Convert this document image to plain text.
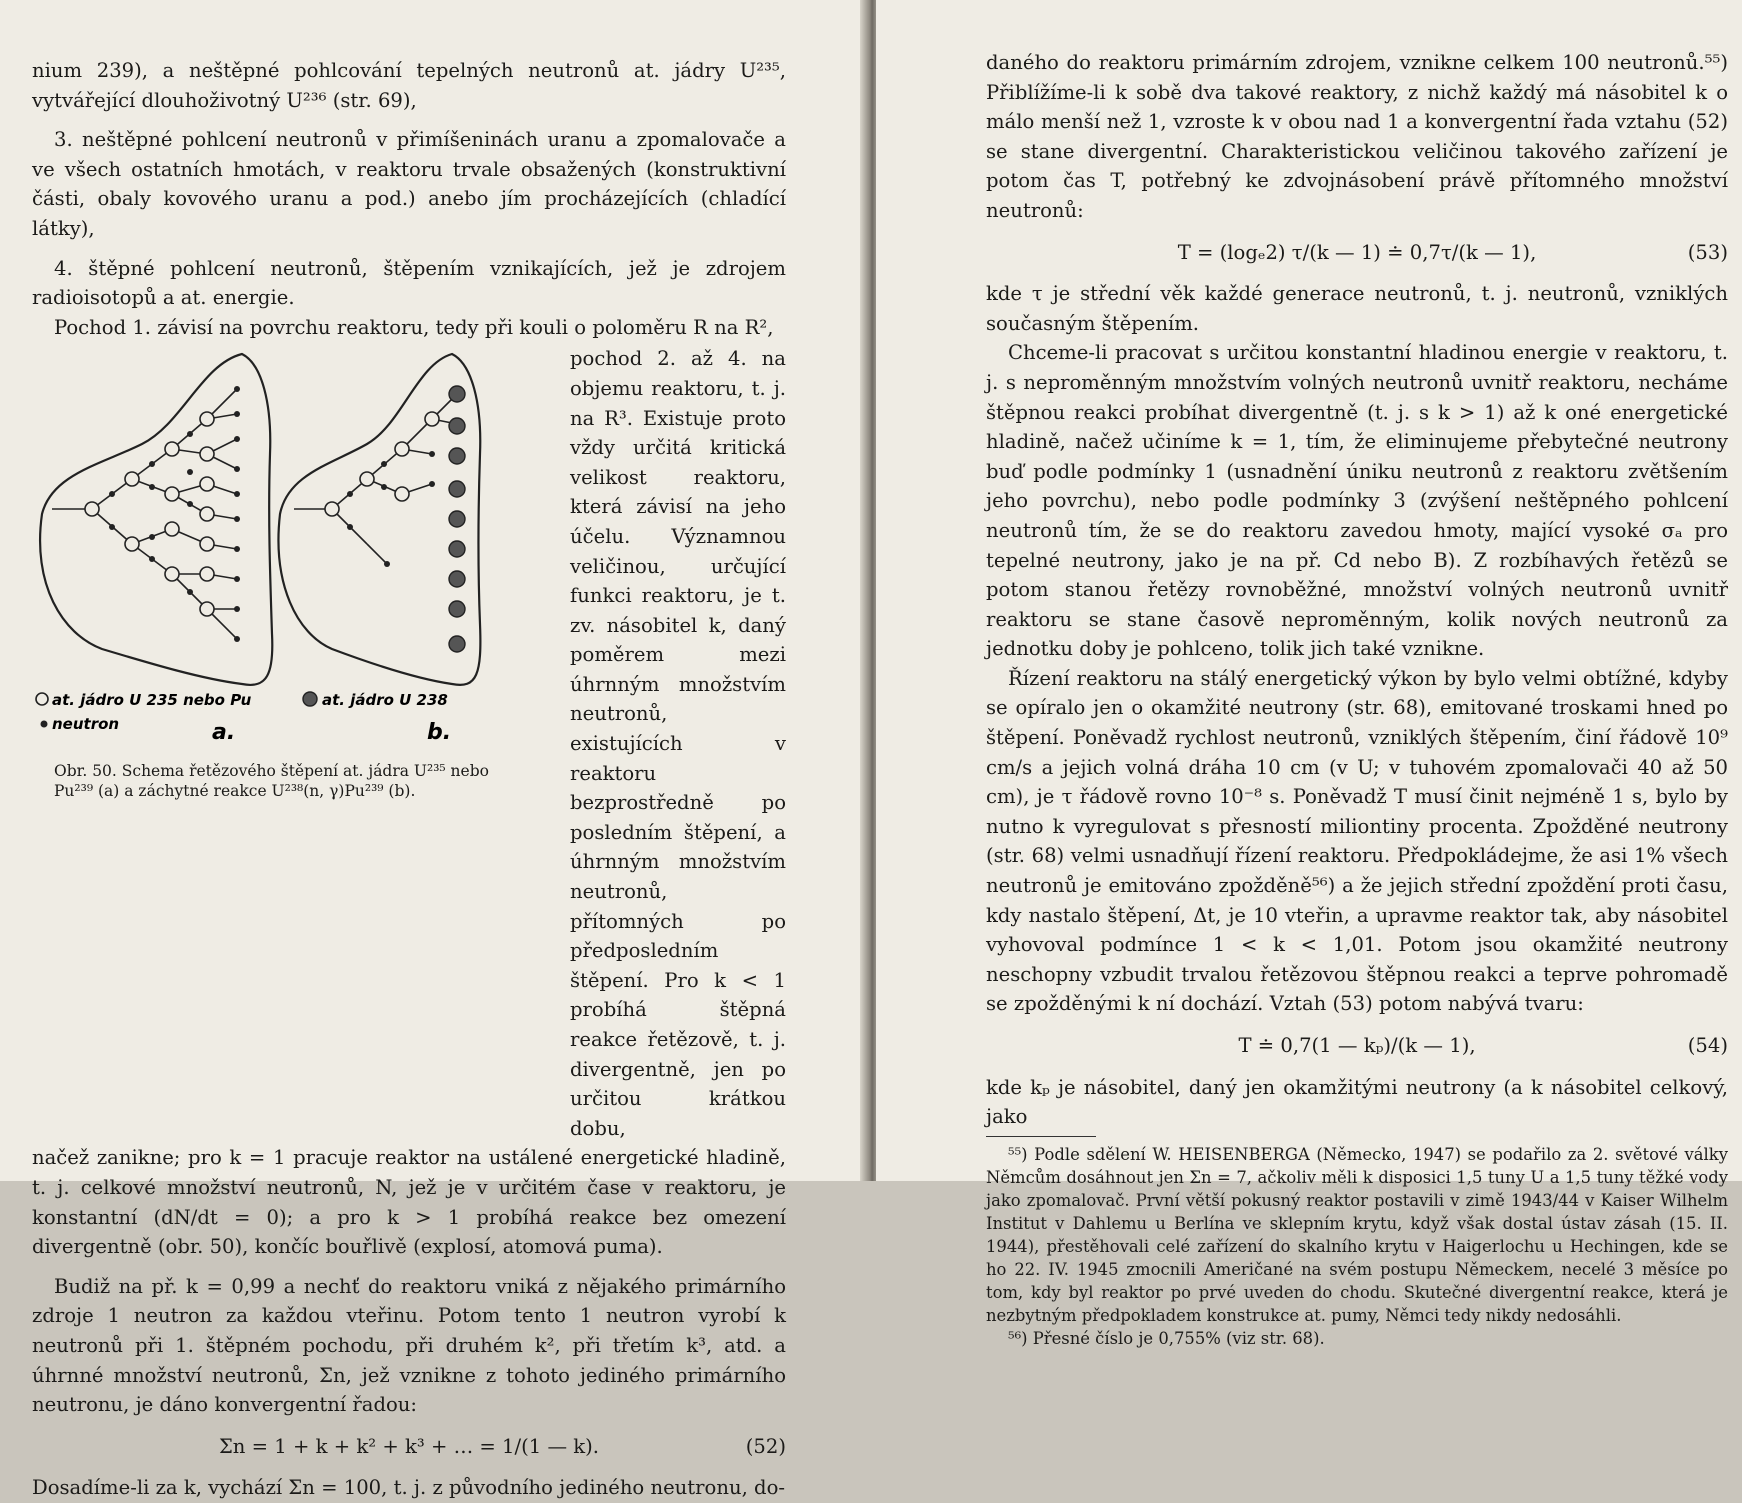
nium 239), a neštěpné pohlcování tepelných neutronů at. jádry U²³⁵, vytvářející dlouhoživotný U²³⁶ (str. 69),

3. neštěpné pohlcení neutronů v přimíšeninách uranu a zpomalovače a ve všech ostatních hmotách, v reaktoru trvale obsažených (konstruktivní části, obaly kovového uranu a pod.) anebo jím procházejících (chladící látky),

4. štěpné pohlcení neutronů, štěpením vznikajících, jež je zdrojem radioisotopů a at. energie.

Pochod 1. závisí na povrchu reaktoru, tedy při kouli o poloměru R na R²,

at. jádro U 235 nebo Pu
neutron
at. jádro U 238
a.	b.
Obr. 50. Schema řetězového štěpení at. jádra U²³⁵ nebo Pu²³⁹ (a) a záchytné reakce U²³⁸(n, γ)Pu²³⁹ (b).

pochod 2. až 4. na objemu reaktoru, t. j. na R³. Existuje proto vždy určitá kritická velikost reaktoru, která závisí na jeho účelu. Významnou veličinou, určující funkci reaktoru, je t. zv. násobitel k, daný poměrem mezi úhrnným množstvím neutronů, existujících v reaktoru bezprostředně po posledním štěpení, a úhrnným množstvím neutronů, přítomných po předposledním štěpení. Pro k < 1 probíhá štěpná reakce řetězově, t. j. divergentně, jen po určitou krátkou dobu,

načež zanikne; pro k = 1 pracuje reaktor na ustálené energetické hladině, t. j. celkové množství neutronů, N, jež je v určitém čase v reaktoru, je konstantní (dN/dt = 0); a pro k > 1 probíhá reakce bez omezení divergentně (obr. 50), končíc bouřlivě (explosí, atomová puma).

Budiž na př. k = 0,99 a nechť do reaktoru vniká z nějakého primárního zdroje 1 neutron za každou vteřinu. Potom tento 1 neutron vyrobí k neutronů při 1. štěpném pochodu, při druhém k², při třetím k³, atd. a úhrnné množství neutronů, Σn, jež vznikne z tohoto jediného primárního neutronu, je dáno konvergentní řadou:

Σn = 1 + k + k² + k³ + … = 1/(1 — k).	(52)

Dosadíme-li za k, vychází Σn = 100, t. j. z původního jediného neutronu, do-

daného do reaktoru primárním zdrojem, vznikne celkem 100 neutronů.⁵⁵) Přiblížíme-li k sobě dva takové reaktory, z nichž každý má násobitel k o málo menší než 1, vzroste k v obou nad 1 a konvergentní řada vztahu (52) se stane divergentní. Charakteristickou veličinou takového zařízení je potom čas T, potřebný ke zdvojnásobení právě přítomného množství neutronů:

T = (logₑ2) τ/(k — 1) ≐ 0,7τ/(k — 1),	(53)

kde τ je střední věk každé generace neutronů, t. j. neutronů, vzniklých současným štěpením.

Chceme-li pracovat s určitou konstantní hladinou energie v reaktoru, t. j. s neproměnným množstvím volných neutronů uvnitř reaktoru, necháme štěpnou reakci probíhat divergentně (t. j. s k > 1) až k oné energetické hladině, načež učiníme k = 1, tím, že eliminujeme přebytečné neutrony buď podle podmínky 1 (usnadnění úniku neutronů z reaktoru zvětšením jeho povrchu), nebo podle podmínky 3 (zvýšení neštěpného pohlcení neutronů tím, že se do reaktoru zavedou hmoty, mající vysoké σₐ pro tepelné neutrony, jako je na př. Cd nebo B). Z rozbíhavých řetězů se potom stanou řetězy rovnoběžné, množství volných neutronů uvnitř reaktoru se stane časově neproměnným, kolik nových neutronů za jednotku doby je pohlceno, tolik jich také vznikne.

Řízení reaktoru na stálý energetický výkon by bylo velmi obtížné, kdyby se opíralo jen o okamžité neutrony (str. 68), emitované troskami hned po štěpení. Poněvadž rychlost neutronů, vzniklých štěpením, činí řádově 10⁹ cm/s a jejich volná dráha 10 cm (v U; v tuhovém zpomalovači 40 až 50 cm), je τ řádově rovno 10⁻⁸ s. Poněvadž T musí činit nejméně 1 s, bylo by nutno k vyregulovat s přesností miliontiny procenta. Zpožděné neutrony (str. 68) velmi usnadňují řízení reaktoru. Předpokládejme, že asi 1% všech neutronů je emitováno zpožděně⁵⁶) a že jejich střední zpoždění proti času, kdy nastalo štěpení, Δt, je 10 vteřin, a upravme reaktor tak, aby násobitel vyhovoval podmínce 1 < k < 1,01. Potom jsou okamžité neutrony neschopny vzbudit trvalou řetězovou štěpnou reakci a teprve pohromadě se zpožděnými k ní dochází. Vztah (53) potom nabývá tvaru:

T ≐ 0,7(1 — kₚ)/(k — 1),	(54)

kde kₚ je násobitel, daný jen okamžitými neutrony (a k násobitel celkový, jako

⁵⁵) Podle sdělení W. HEISENBERGA (Německo, 1947) se podařilo za 2. světové války Němcům dosáhnout jen Σn = 7, ačkoliv měli k disposici 1,5 tuny U a 1,5 tuny těžké vody jako zpomalovač. První větší pokusný reaktor postavili v zimě 1943/44 v Kaiser Wilhelm Institut v Dahlemu u Berlína ve sklepním krytu, když však dostal ústav zásah (15. II. 1944), přestěhovali celé zařízení do skalního krytu v Haigerlochu u Hechingen, kde se ho 22. IV. 1945 zmocnili Američané na svém postupu Německem, necelé 3 měsíce po tom, kdy byl reaktor po prvé uveden do chodu. Skutečné divergentní reakce, která je nezbytným předpokladem konstrukce at. pumy, Němci tedy nikdy nedosáhli.

⁵⁶) Přesné číslo je 0,755% (viz str. 68).
